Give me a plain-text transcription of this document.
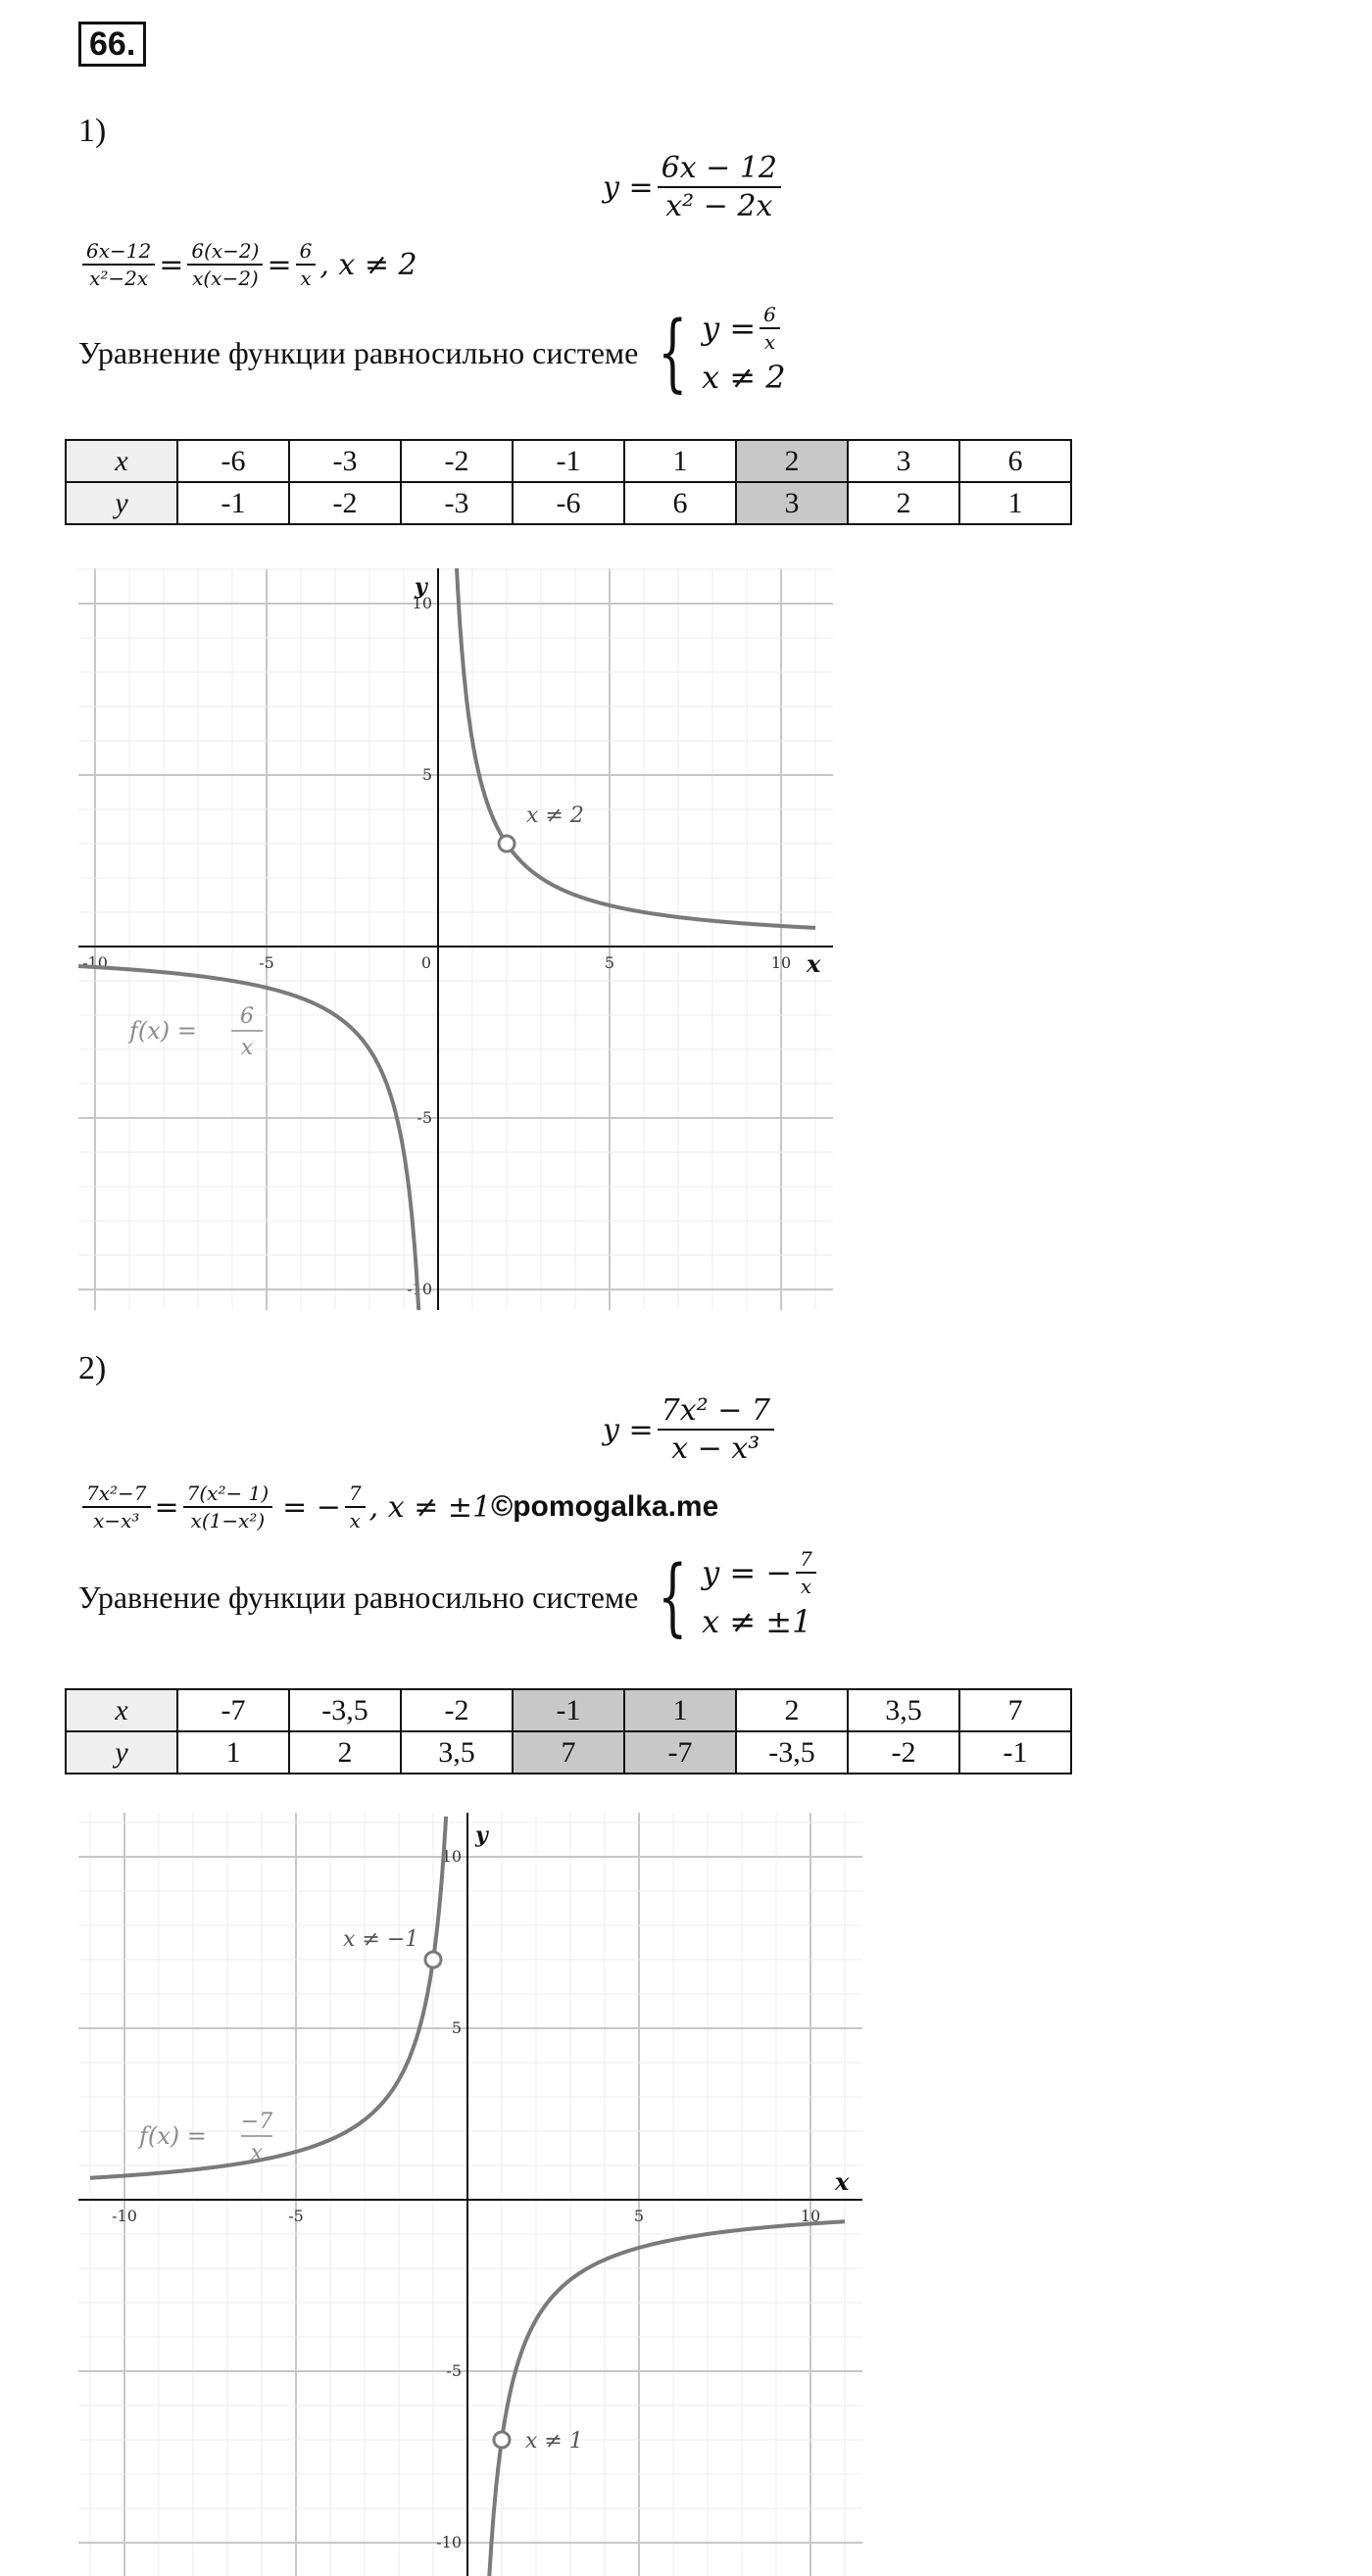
66.
1)
$y = \frac{6x - 12}{\text{x² − 2x}}$
$\frac{6x-12}{\text{x²−2x}} = \frac{6(x-2)}{x(x-2)} = \frac{6}{x}$ , x ≠ 2
Уравнение функции равносильно системе { $y = \frac{6}{x}$
x ≠ 2
x	-6	-3	-2	-1	1	2	3	6
y	-1	-2	-3	-6	6	3	2	1
-10	-5	0	5	10
10
5
-5
-10
x
y
x ≠ 2
f(x) =
6
x
2)
$y = \frac{\text{7x² − 7}}{\text{x − x³}}$
$\frac{\text{7x²−7}}{\text{x−x³}} = \frac{\text{7(x²− 1)}}{\text{x(1−x²)}}$ = − $\frac{7}{x}$ , x ≠ ±1 ©pomogalka.me
Уравнение функции равносильно системе { y = − $\frac{7}{x}$
x ≠ ±1
x	-7	-3,5	-2	-1	1	2	3,5	7
y	1	2	3,5	7	-7	-3,5	-2	-1
-10	-5	5	10
10
5
-5
-10
x
y
x ≠ −1
x ≠ 1
f(x) =
−7
x
